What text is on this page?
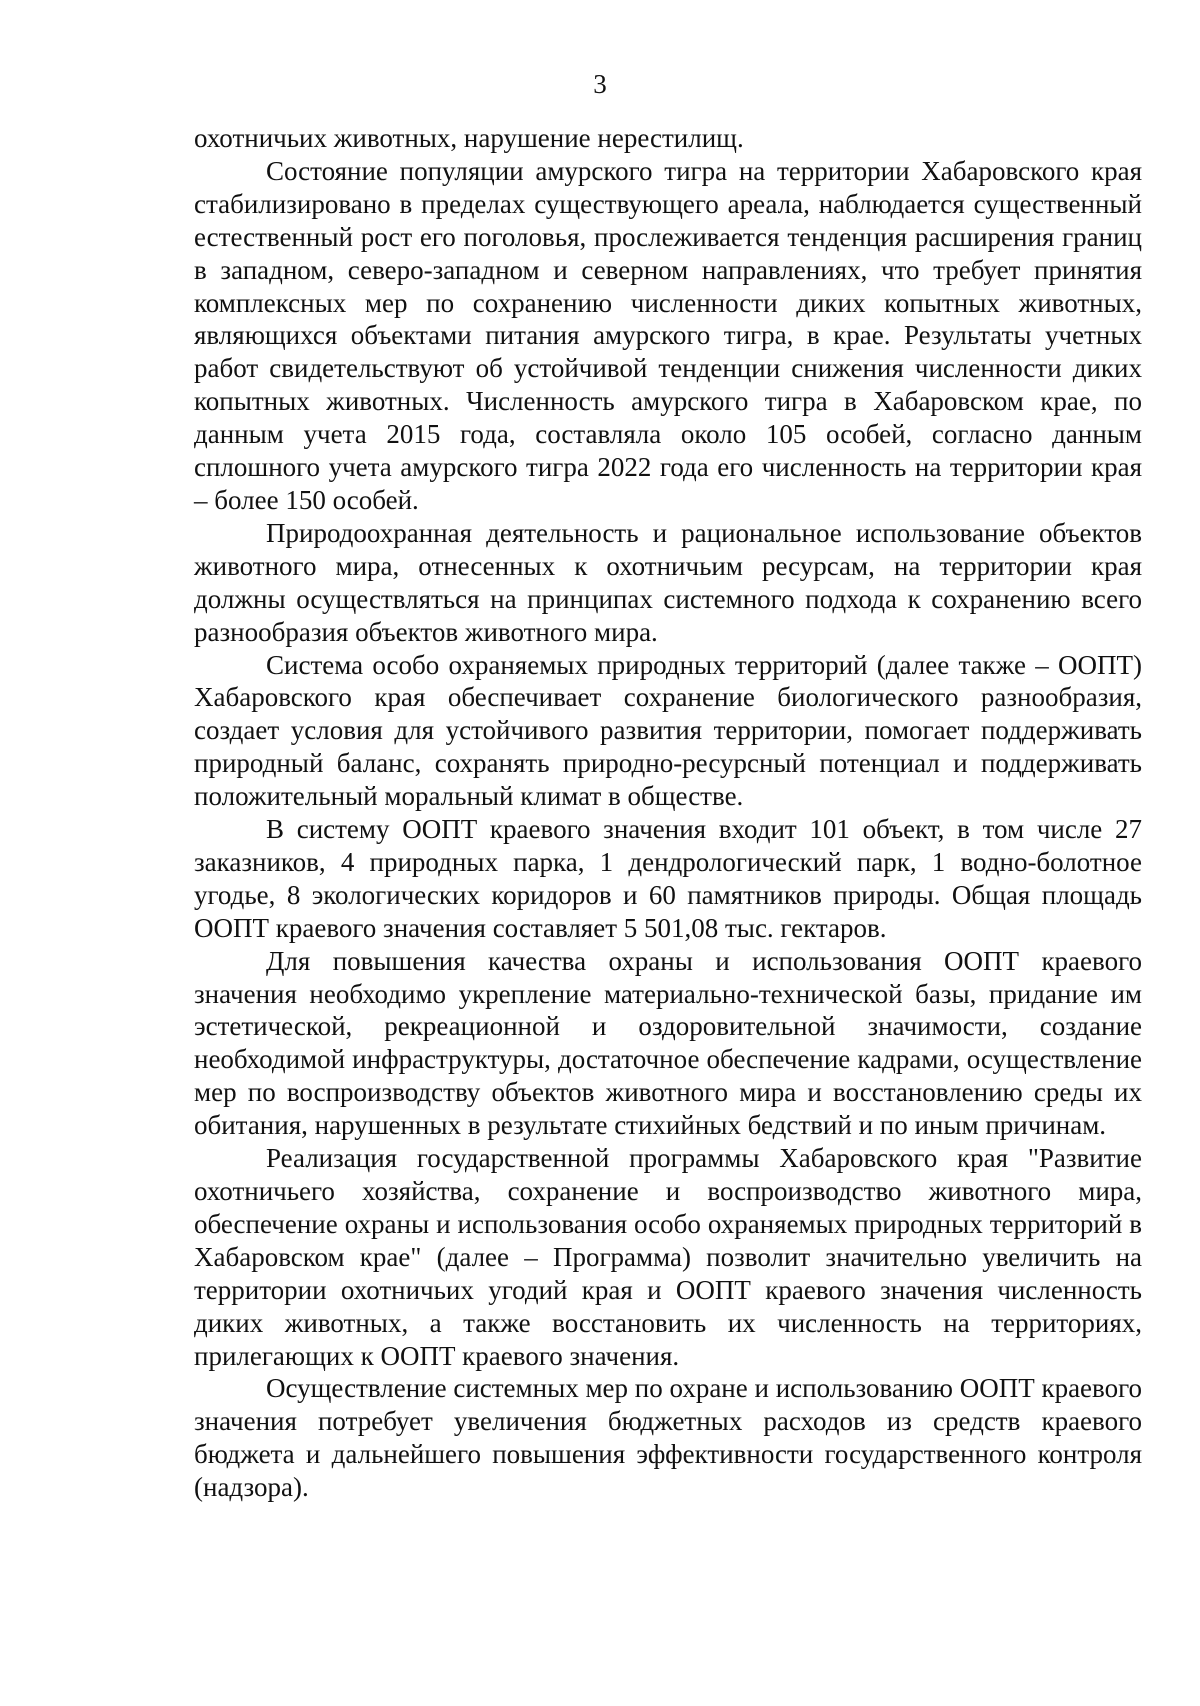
3

охотничьих животных, нарушение нерестилищ.

Состояние популяции амурского тигра на территории Хабаровского края стабилизировано в пределах существующего ареала, наблюдается существенный естественный рост его поголовья, прослеживается тенденция расширения границ в западном, северо-западном и северном направлениях, что требует принятия комплексных мер по сохранению численности диких копытных животных, являющихся объектами питания амурского тигра, в крае. Результаты учетных работ свидетельствуют об устойчивой тенденции снижения численности диких копытных животных. Численность амурского тигра в Хабаровском крае, по данным учета 2015 года, составляла около 105 особей, согласно данным сплошного учета амурского тигра 2022 года его численность на территории края – более 150 особей.

Природоохранная деятельность и рациональное использование объектов животного мира, отнесенных к охотничьим ресурсам, на территории края должны осуществляться на принципах системного подхода к сохранению всего разнообразия объектов животного мира.

Система особо охраняемых природных территорий (далее также – ООПТ) Хабаровского края обеспечивает сохранение биологического разнообразия, создает условия для устойчивого развития территории, помогает поддерживать природный баланс, сохранять природно-ресурсный потенциал и поддерживать положительный моральный климат в обществе.

В систему ООПТ краевого значения входит 101 объект, в том числе 27 заказников, 4 природных парка, 1 дендрологический парк, 1 водно-болотное угодье, 8 экологических коридоров и 60 памятников природы. Общая площадь ООПТ краевого значения составляет 5 501,08 тыс. гектаров.

Для повышения качества охраны и использования ООПТ краевого значения необходимо укрепление материально-технической базы, придание им эстетической, рекреационной и оздоровительной значимости, создание необходимой инфраструктуры, достаточное обеспечение кадрами, осуществление мер по воспроизводству объектов животного мира и восстановлению среды их обитания, нарушенных в результате стихийных бедствий и по иным причинам.

Реализация государственной программы Хабаровского края "Развитие охотничьего хозяйства, сохранение и воспроизводство животного мира, обеспечение охраны и использования особо охраняемых природных территорий в Хабаровском крае" (далее – Программа) позволит значительно увеличить на территории охотничьих угодий края и ООПТ краевого значения численность диких животных, а также восстановить их численность на территориях, прилегающих к ООПТ краевого значения.

Осуществление системных мер по охране и использованию ООПТ краевого значения потребует увеличения бюджетных расходов из средств краевого бюджета и дальнейшего повышения эффективности государственного контроля (надзора).
